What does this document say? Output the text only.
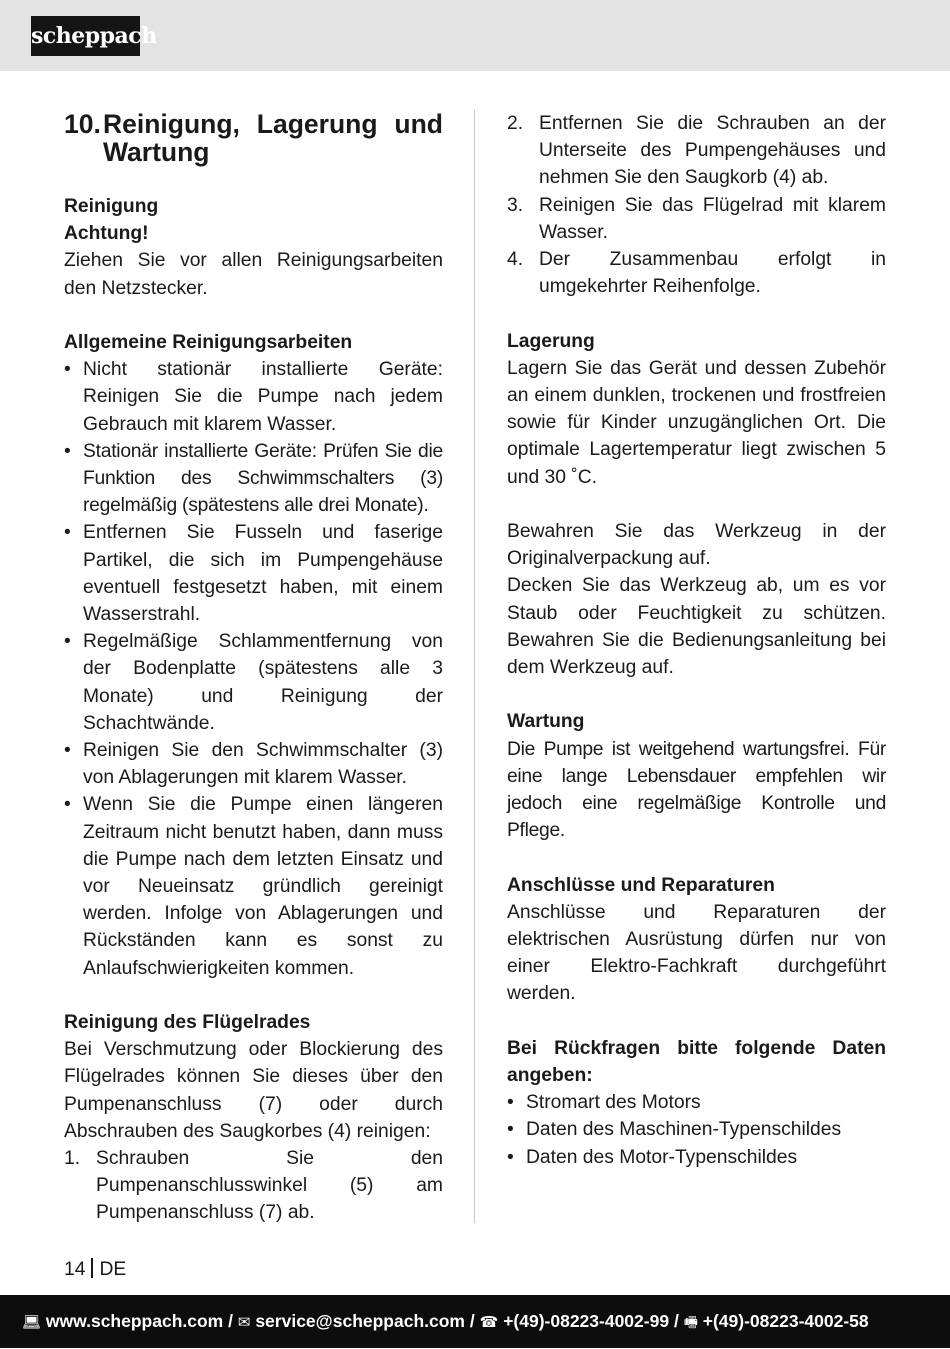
scheppach
10. Reinigung, Lagerung und Wartung
Reinigung
Achtung!

Ziehen Sie vor allen Reinigungsarbeiten den Netzstecker.

Allgemeine Reinigungsarbeiten
• Nicht stationär installierte Geräte: Reinigen Sie die Pumpe nach jedem Gebrauch mit klarem Wasser.
• Stationär installierte Geräte: Prüfen Sie die Funktion des Schwimmschalters (3) regelmäßig (spätestens alle drei Monate).
• Entfernen Sie Fusseln und faserige Partikel, die sich im Pumpengehäuse eventuell festgesetzt haben, mit einem Wasserstrahl.
• Regelmäßige Schlammentfernung von der Bodenplatte (spätestens alle 3 Monate) und Reinigung der Schachtwände.
• Reinigen Sie den Schwimmschalter (3) von Ablagerungen mit klarem Wasser.
• Wenn Sie die Pumpe einen längeren Zeitraum nicht benutzt haben, dann muss die Pumpe nach dem letzten Einsatz und vor Neueinsatz gründlich gereinigt werden. Infolge von Ablagerungen und Rückständen kann es sonst zu Anlaufschwierigkeiten kommen.
Reinigung des Flügelrades

Bei Verschmutzung oder Blockierung des Flügelrades können Sie dieses über den Pumpenanschluss (7) oder durch Abschrauben des Saugkorbes (4) reinigen:

1. Schrauben Sie den Pumpenanschlusswinkel (5) am Pumpenanschluss (7) ab.
2. Entfernen Sie die Schrauben an der Unterseite des Pumpengehäuses und nehmen Sie den Saugkorb (4) ab.
3. Reinigen Sie das Flügelrad mit klarem Wasser.
4. Der Zusammenbau erfolgt in umgekehrter Reihenfolge.
Lagerung

Lagern Sie das Gerät und dessen Zubehör an einem dunklen, trockenen und frostfreien sowie für Kinder unzugänglichen Ort. Die optimale Lagertemperatur liegt zwischen 5 und 30 ˚C.

Bewahren Sie das Werkzeug in der Originalverpackung auf.

Decken Sie das Werkzeug ab, um es vor Staub oder Feuchtigkeit zu schützen. Bewahren Sie die Bedienungsanleitung bei dem Werkzeug auf.

Wartung

Die Pumpe ist weitgehend wartungsfrei. Für eine lange Lebensdauer empfehlen wir jedoch eine regelmäßige Kontrolle und Pflege.

Anschlüsse und Reparaturen

Anschlüsse und Reparaturen der elektrischen Ausrüstung dürfen nur von einer Elektro-Fachkraft durchgeführt werden.

Bei Rückfragen bitte folgende Daten angeben:

• Stromart des Motors
• Daten des Maschinen-Typenschildes
• Daten des Motor-Typenschildes
14 DE
💻︎ www.scheppach.com / ✉︎ service@scheppach.com / ☎︎ +(49)-08223-4002-99 / 🖷︎ +(49)-08223-4002-58
